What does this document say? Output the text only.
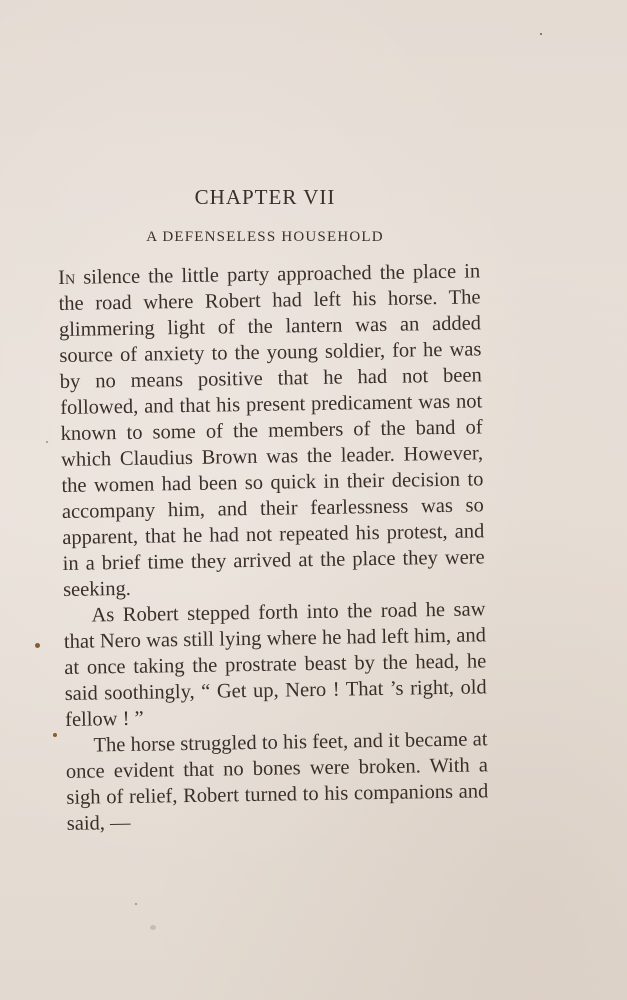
CHAPTER VII
A DEFENSELESS HOUSEHOLD

In silence the little party approached the place in the road where Robert had left his horse. The glimmering light of the lantern was an added source of anxiety to the young soldier, for he was by no means positive that he had not been followed, and that his present predicament was not known to some of the members of the band of which Claudius Brown was the leader. However, the women had been so quick in their decision to accompany him, and their fearlessness was so apparent, that he had not repeated his protest, and in a brief time they arrived at the place they were seeking.

As Robert stepped forth into the road he saw that Nero was still lying where he had left him, and at once taking the prostrate beast by the head, he said soothingly, “ Get up, Nero ! That ’s right, old fellow ! ”

The horse struggled to his feet, and it became at once evident that no bones were broken. With a sigh of relief, Robert turned to his companions and said, —
